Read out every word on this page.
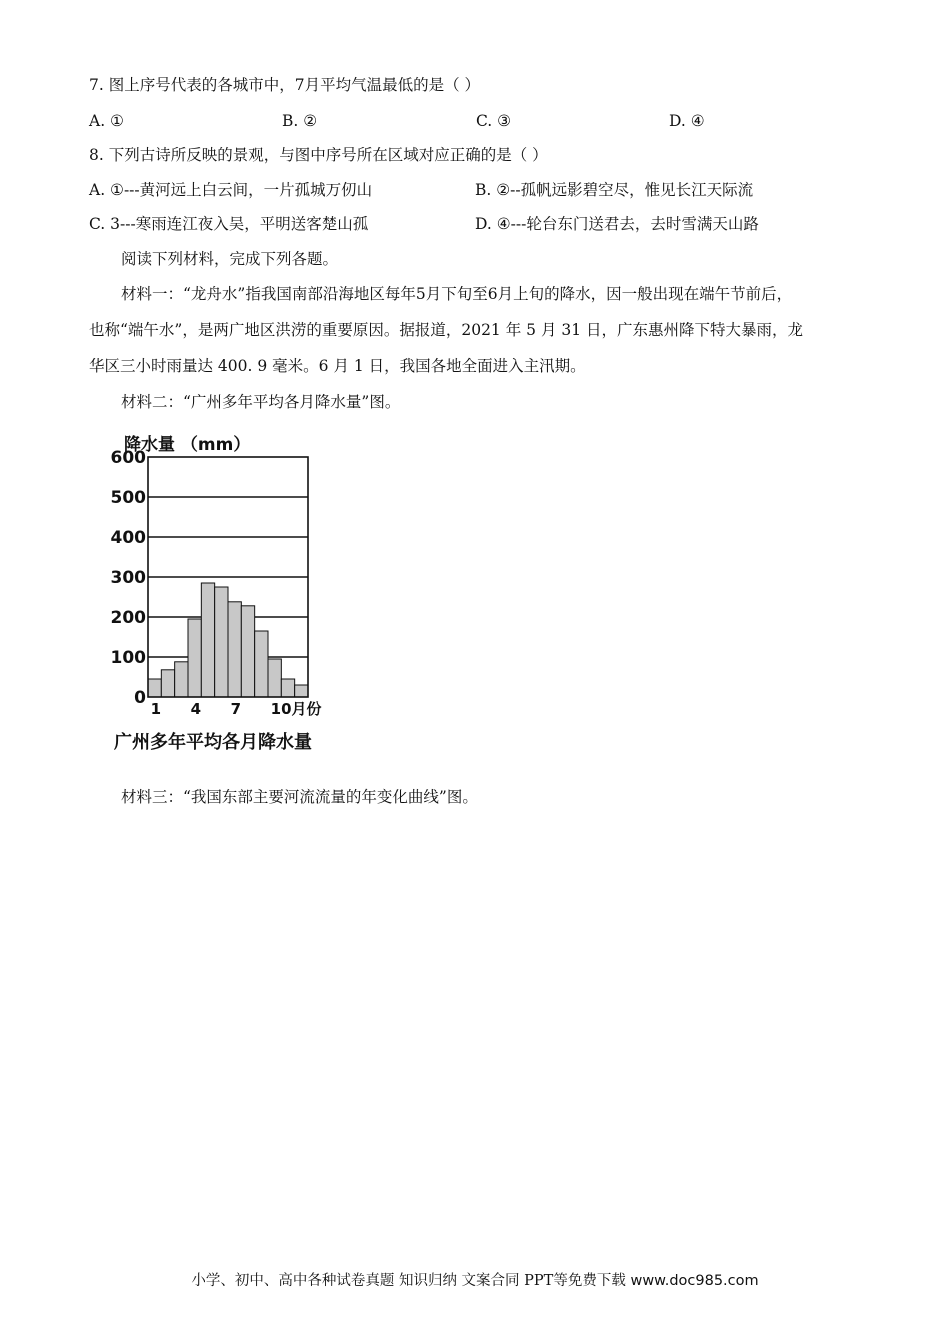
7. 图上序号代表的各城市中，7月平均气温最低的是（ ）
A. ①	B. ②	C. ③	D. ④
8. 下列古诗所反映的景观，与图中序号所在区域对应正确的是（ ）
A. ①---黄河远上白云间，一片孤城万仞山	B. ②--孤帆远影碧空尽，惟见长江天际流
C. 3---寒雨连江夜入吴，平明送客楚山孤	D. ④---轮台东门送君去，去时雪满天山路
阅读下列材料，完成下列各题。
材料一：“龙舟水”指我国南部沿海地区每年5月下旬至6月上旬的降水，因一般出现在端午节前后，
也称“端午水”，是两广地区洪涝的重要原因。据报道，2021 年 5 月 31 日，广东惠州降下特大暴雨，龙
华区三小时雨量达 400. 9 毫米。6 月 1 日，我国各地全面进入主汛期。
材料二：“广州多年平均各月降水量”图。
降水量 （mm）
0
100
200
300
400
500
600
1 4 7 10月份
广州多年平均各月降水量
材料三：“我国东部主要河流流量的年变化曲线”图。
小学、初中、高中各种试卷真题 知识归纳 文案合同 PPT等免费下载 www.doc985.com
